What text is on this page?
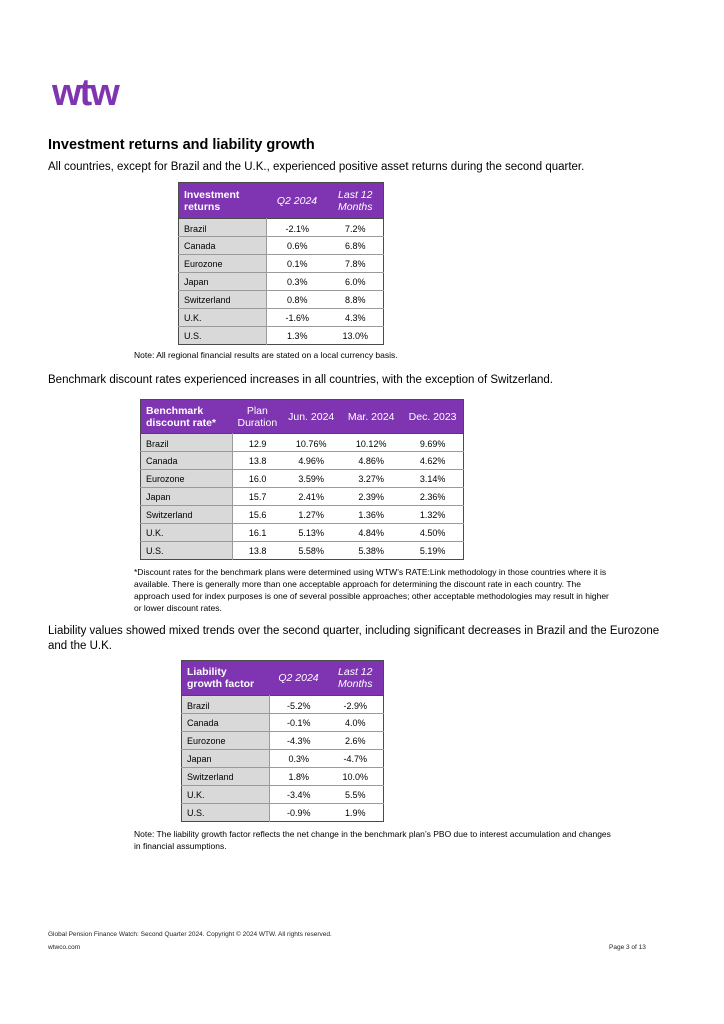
wtw
Investment returns and liability growth
All countries, except for Brazil and the U.K., experienced positive asset returns during the second quarter.
Investment returns	Q2 2024	Last 12 Months
Brazil	-2.1%	7.2%
Canada	0.6%	6.8%
Eurozone	0.1%	7.8%
Japan	0.3%	6.0%
Switzerland	0.8%	8.8%
U.K.	-1.6%	4.3%
U.S.	1.3%	13.0%
Note: All regional financial results are stated on a local currency basis.
Benchmark discount rates experienced increases in all countries, with the exception of Switzerland.
Benchmark discount rate*	Plan Duration	Jun. 2024	Mar. 2024	Dec. 2023
Brazil	12.9	10.76%	10.12%	9.69%
Canada	13.8	4.96%	4.86%	4.62%
Eurozone	16.0	3.59%	3.27%	3.14%
Japan	15.7	2.41%	2.39%	2.36%
Switzerland	15.6	1.27%	1.36%	1.32%
U.K.	16.1	5.13%	4.84%	4.50%
U.S.	13.8	5.58%	5.38%	5.19%
*Discount rates for the benchmark plans were determined using WTW’s RATE:Link methodology in those countries where it is available. There is generally more than one acceptable approach for determining the discount rate in each country. The approach used for index purposes is one of several possible approaches; other acceptable methodologies may result in higher or lower discount rates.
Liability values showed mixed trends over the second quarter, including significant decreases in Brazil and the Eurozone and the U.K.
Liability growth factor	Q2 2024	Last 12 Months
Brazil	-5.2%	-2.9%
Canada	-0.1%	4.0%
Eurozone	-4.3%	2.6%
Japan	0.3%	-4.7%
Switzerland	1.8%	10.0%
U.K.	-3.4%	5.5%
U.S.	-0.9%	1.9%
Note: The liability growth factor reflects the net change in the benchmark plan’s PBO due to interest accumulation and changes in financial assumptions.
Global Pension Finance Watch: Second Quarter 2024. Copyright © 2024 WTW. All rights reserved.
wtwco.com	Page 3 of 13
